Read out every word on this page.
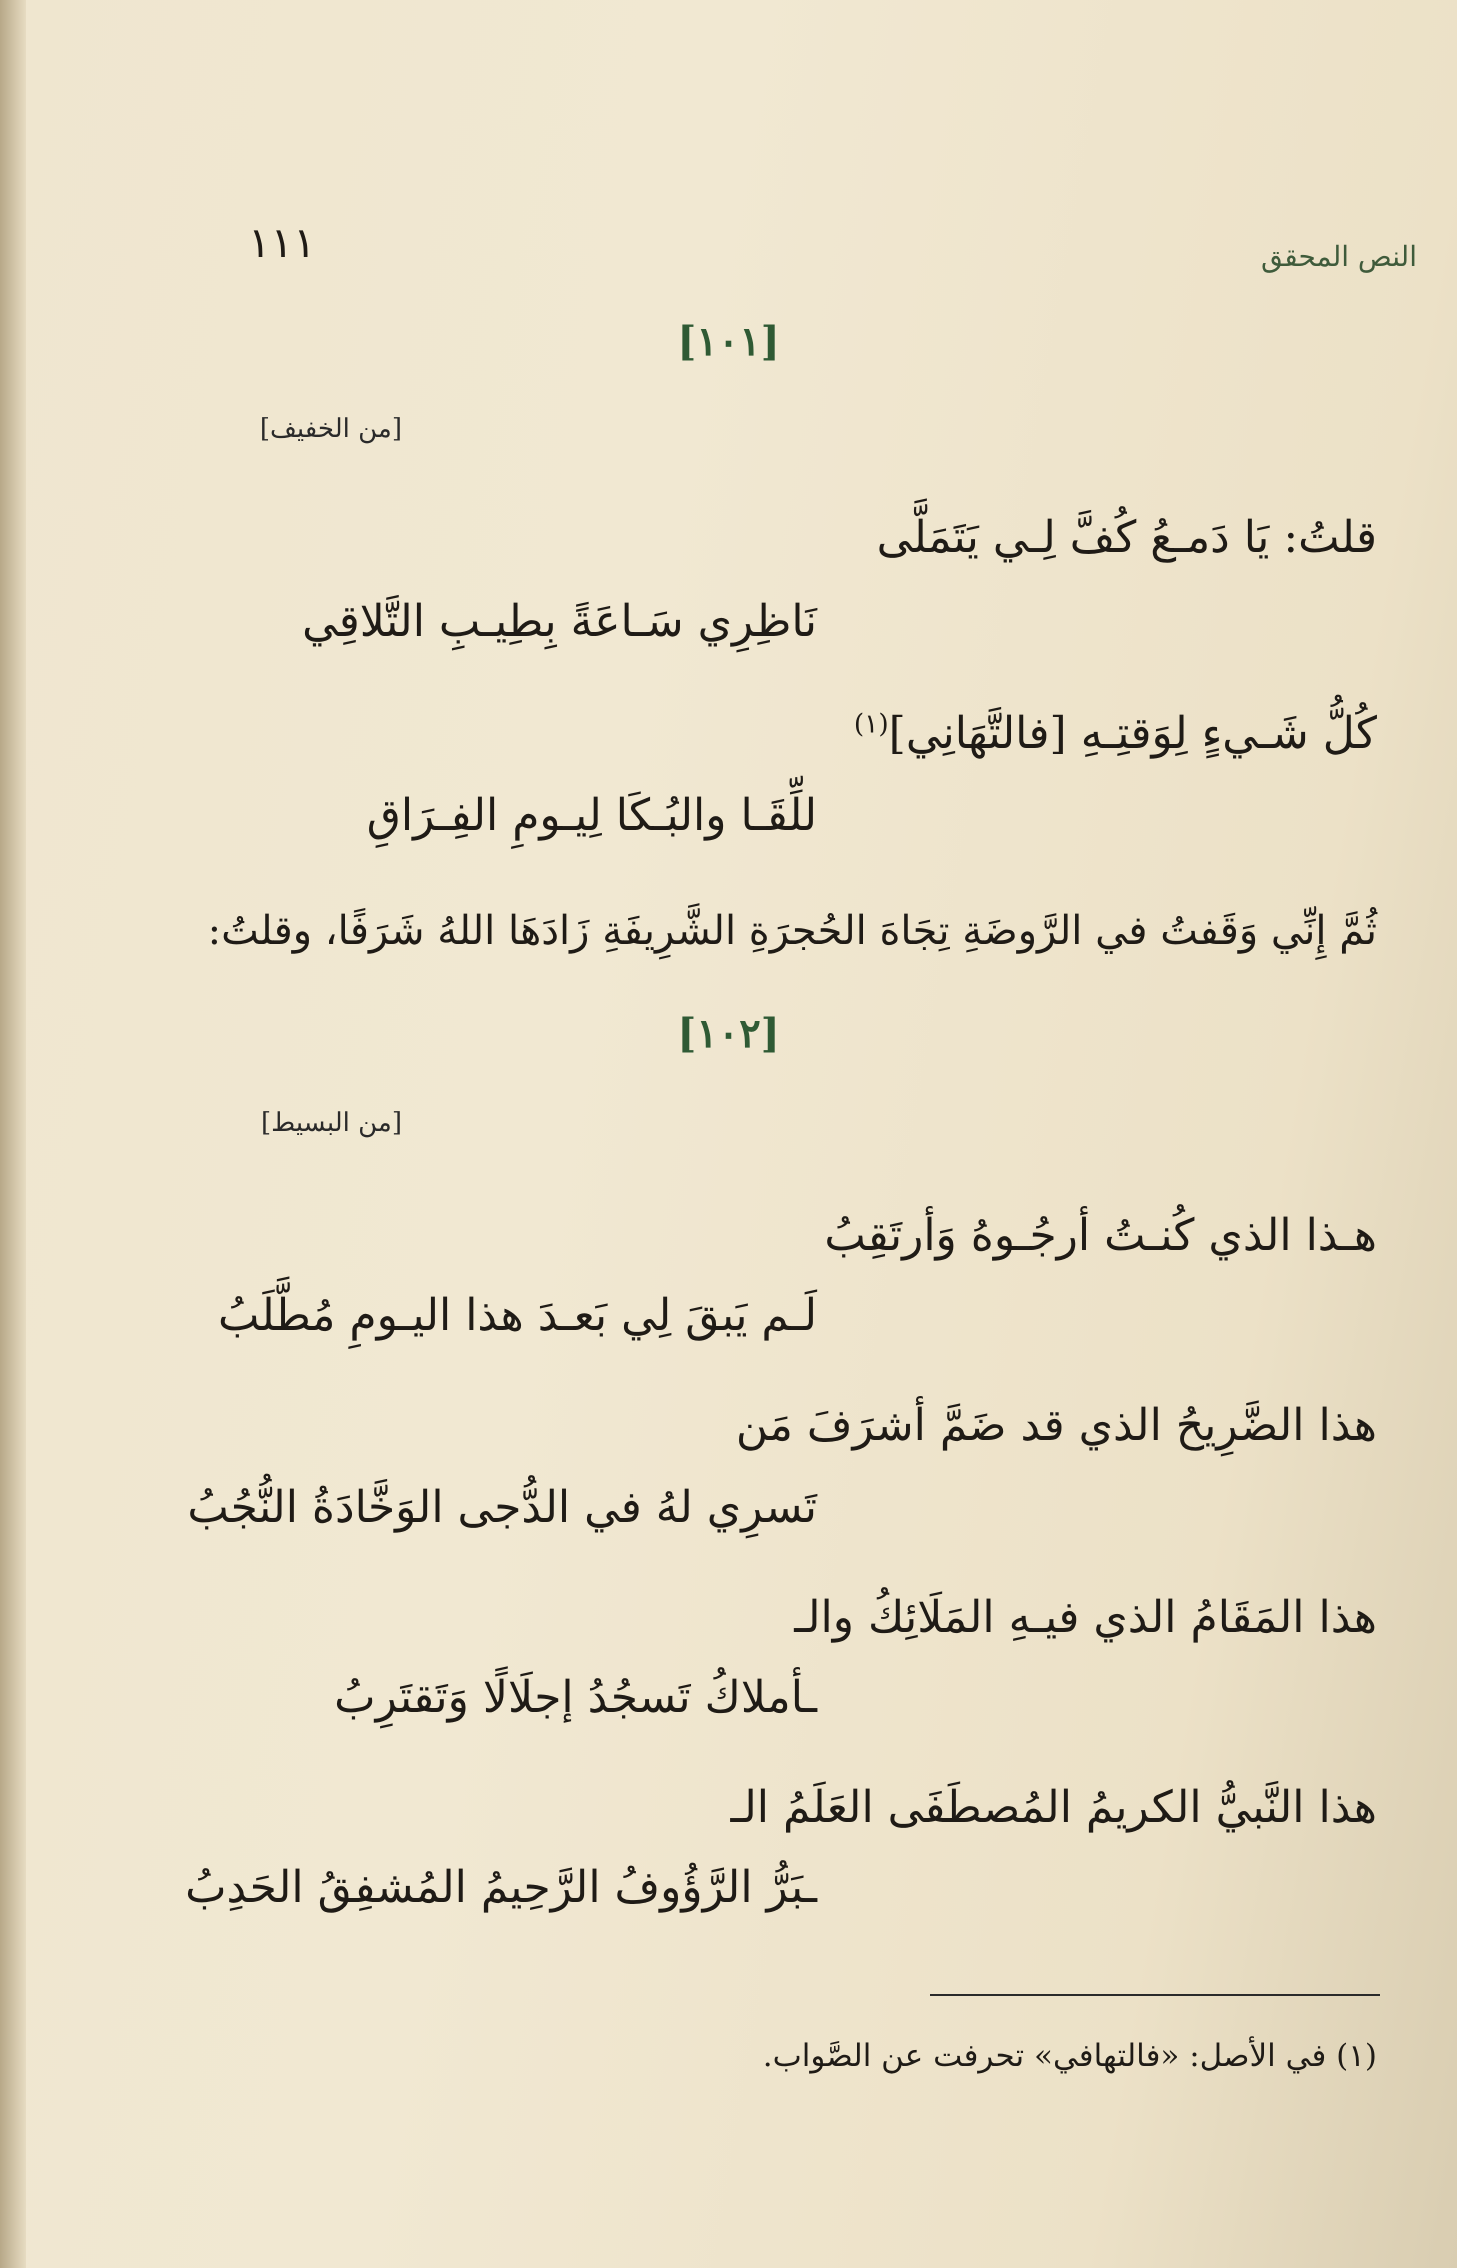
١١١	النص المحقق
[١٠١]
[من الخفيف]
قلتُ: يَا دَمـعُ كُفَّ لِـي يَتَمَلَّى
نَاظِرِي سَـاعَةً بِطِيـبِ التَّلاقِي
كُلُّ شَـيءٍ لِوَقتِـهِ [فالتَّهَانِي]$^{(١)}$
للِّقَـا والبُـكَا لِيـومِ الفِـرَاقِ
ثُمَّ إِنِّي وَقَفتُ في الرَّوضَةِ تِجَاهَ الحُجرَةِ الشَّرِيفَةِ زَادَهَا اللهُ شَرَفًا، وقلتُ:
[١٠٢]
[من البسيط]
هـذا الذي كُنـتُ أرجُـوهُ وَأرتَقِبُ
لَـم يَبقَ لِي بَعـدَ هذا اليـومِ مُطَّلَبُ
هذا الضَّرِيحُ الذي قد ضَمَّ أشرَفَ مَن
تَسرِي لهُ في الدُّجى الوَخَّادَةُ النُّجُبُ
هذا المَقَامُ الذي فيـهِ المَلَائِكُ والـ
ـأملاكُ تَسجُدُ إجلَالًا وَتَقتَرِبُ
هذا النَّبيُّ الكريمُ المُصطَفَى العَلَمُ الـ
ـبَرُّ الرَّؤُوفُ الرَّحِيمُ المُشفِقُ الحَدِبُ
(١) في الأصل: «فالتهافي» تحرفت عن الصَّواب.
